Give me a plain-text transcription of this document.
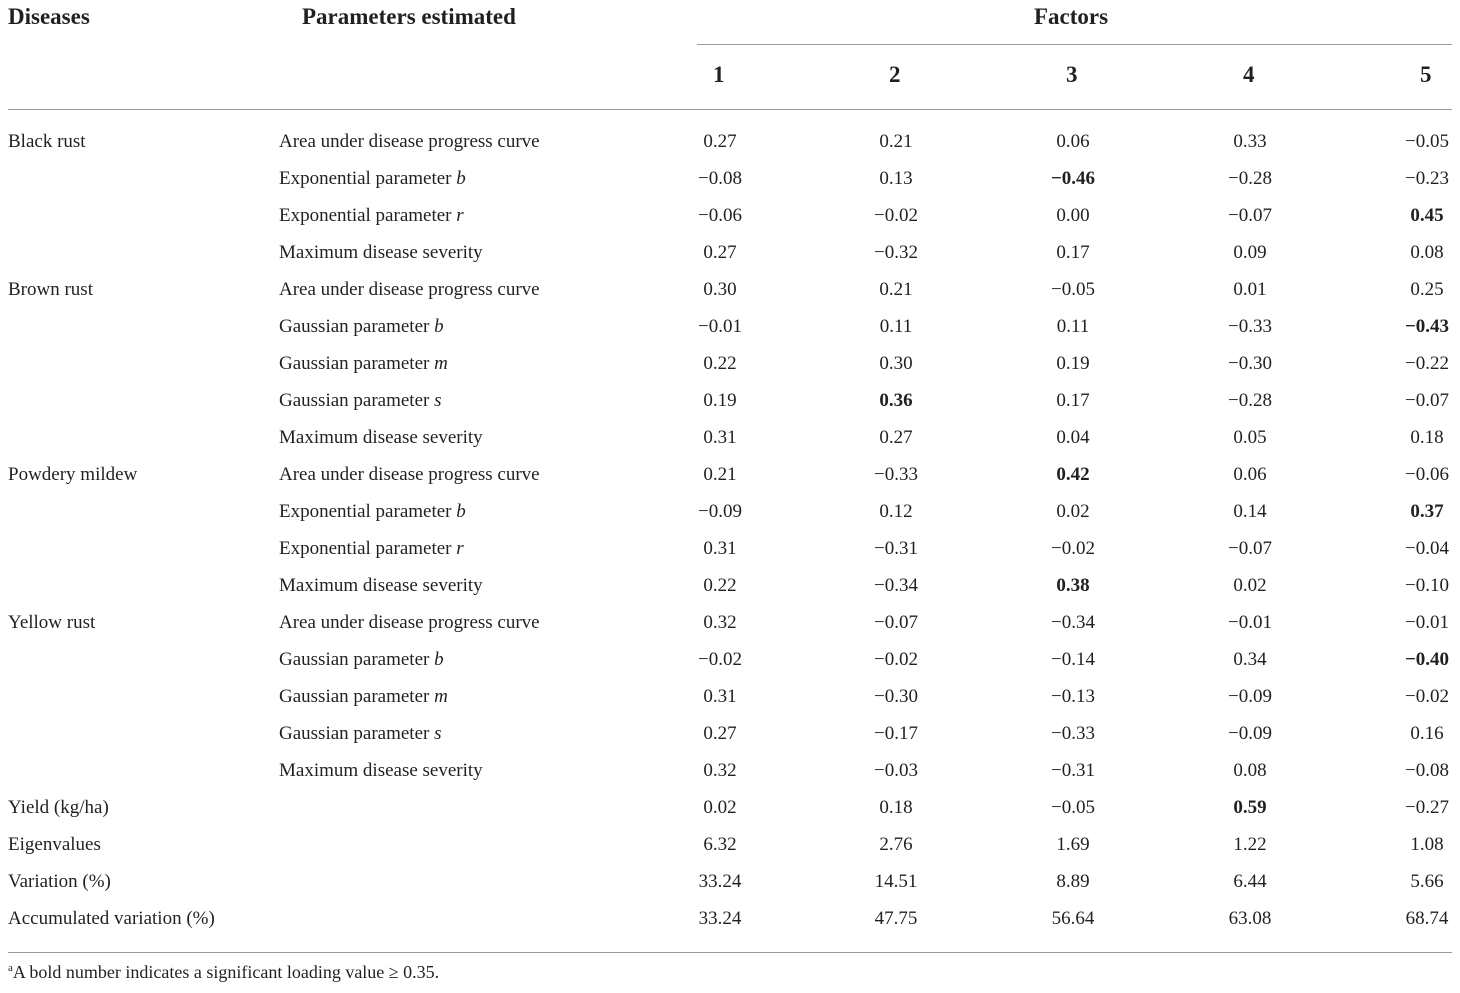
Diseases	Parameters estimated	Factors
1	2	3	4	5
Black rust	Area under disease progress curve	0.27	0.21	0.06	0.33	−0.05
Exponential parameter b	−0.08	0.13	−0.46	−0.28	−0.23
Exponential parameter r	−0.06	−0.02	0.00	−0.07	0.45
Maximum disease severity	0.27	−0.32	0.17	0.09	0.08
Brown rust	Area under disease progress curve	0.30	0.21	−0.05	0.01	0.25
Gaussian parameter b	−0.01	0.11	0.11	−0.33	−0.43
Gaussian parameter m	0.22	0.30	0.19	−0.30	−0.22
Gaussian parameter s	0.19	0.36	0.17	−0.28	−0.07
Maximum disease severity	0.31	0.27	0.04	0.05	0.18
Powdery mildew	Area under disease progress curve	0.21	−0.33	0.42	0.06	−0.06
Exponential parameter b	−0.09	0.12	0.02	0.14	0.37
Exponential parameter r	0.31	−0.31	−0.02	−0.07	−0.04
Maximum disease severity	0.22	−0.34	0.38	0.02	−0.10
Yellow rust	Area under disease progress curve	0.32	−0.07	−0.34	−0.01	−0.01
Gaussian parameter b	−0.02	−0.02	−0.14	0.34	−0.40
Gaussian parameter m	0.31	−0.30	−0.13	−0.09	−0.02
Gaussian parameter s	0.27	−0.17	−0.33	−0.09	0.16
Maximum disease severity	0.32	−0.03	−0.31	0.08	−0.08
Yield (kg/ha)	0.02	0.18	−0.05	0.59	−0.27
Eigenvalues	6.32	2.76	1.69	1.22	1.08
Variation (%)	33.24	14.51	8.89	6.44	5.66
Accumulated variation (%)	33.24	47.75	56.64	63.08	68.74
$^a$A bold number indicates a significant loading value ≥ 0.35.
